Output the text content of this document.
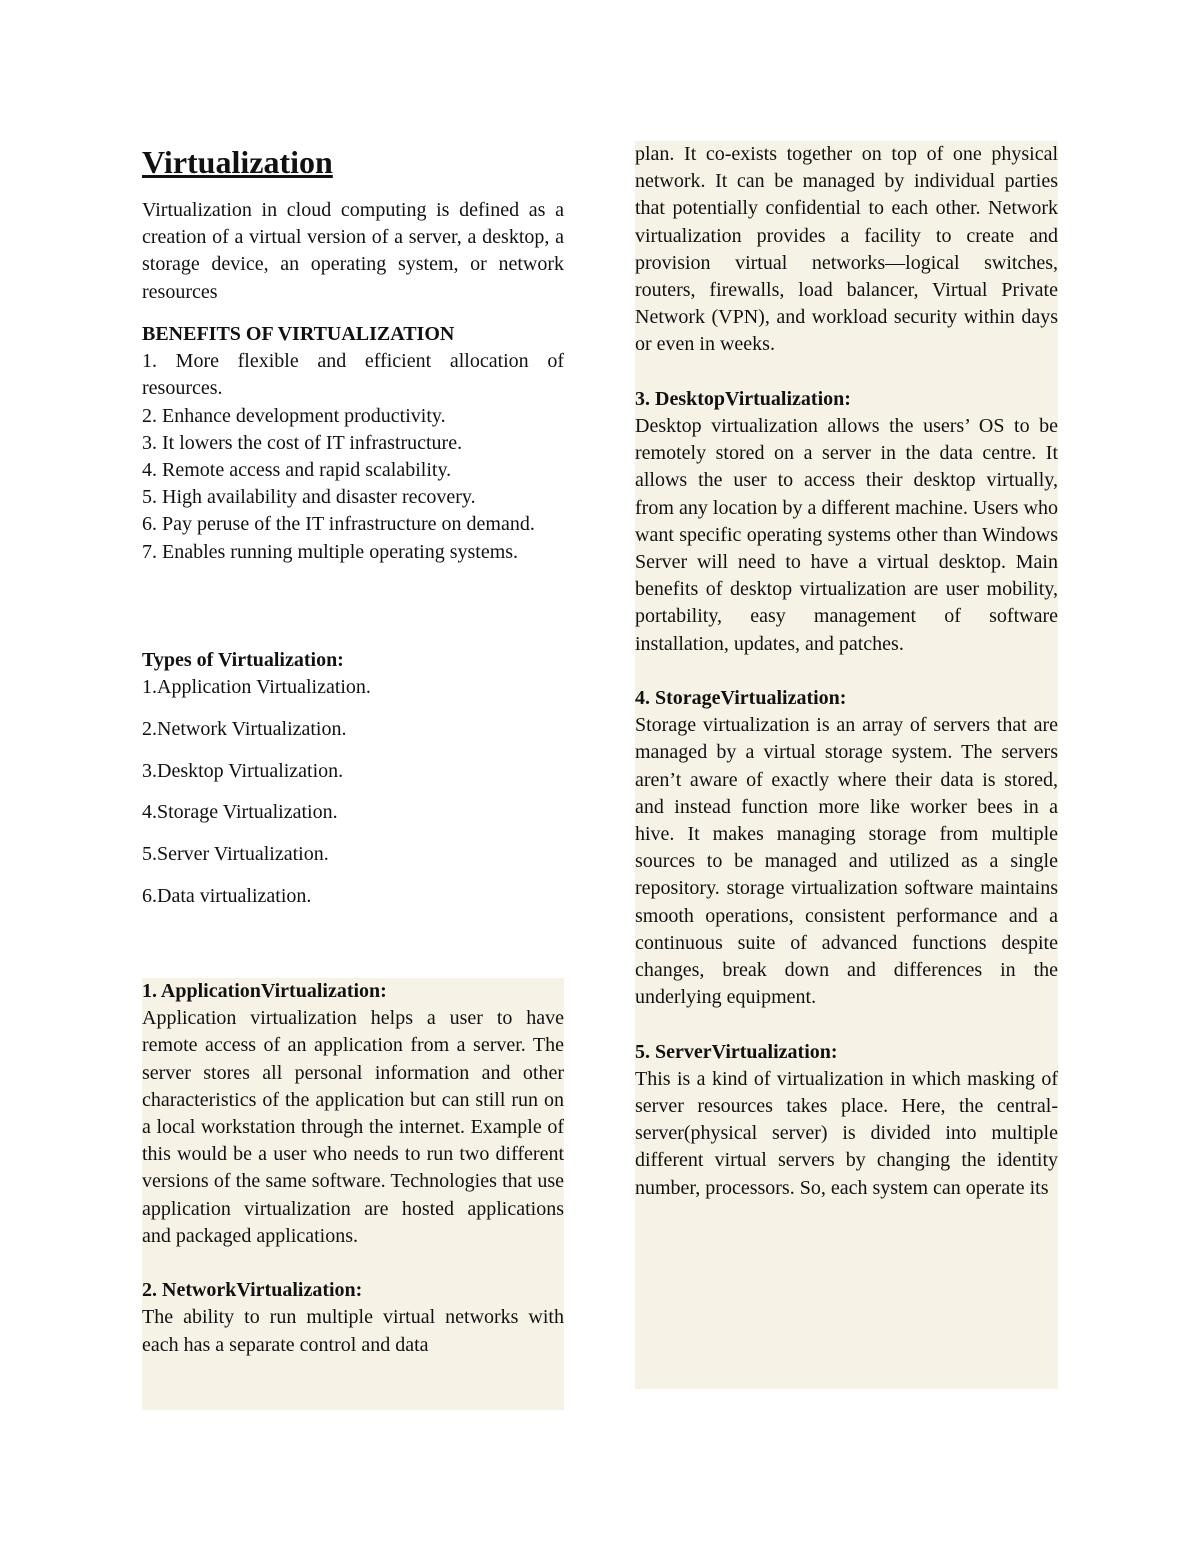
Virtualization

Virtualization in cloud computing is defined as a creation of a virtual version of a server, a desktop, a storage device, an operating system, or network resources

BENEFITS OF VIRTUALIZATION

1. More flexible and efficient allocation of resources.

2. Enhance development productivity.

3. It lowers the cost of IT infrastructure.

4. Remote access and rapid scalability.

5. High availability and disaster recovery.

6. Pay peruse of the IT infrastructure on demand.

7. Enables running multiple operating systems.

Types of Virtualization:

1.Application Virtualization.

2.Network Virtualization.

3.Desktop Virtualization.

4.Storage Virtualization.

5.Server Virtualization.

6.Data virtualization.

1. ApplicationVirtualization:

Application virtualization helps a user to have remote access of an application from a server. The server stores all personal information and other characteristics of the application but can still run on a local workstation through the internet. Example of this would be a user who needs to run two different versions of the same software. Technologies that use application virtualization are hosted applications and packaged applications.

2. NetworkVirtualization:

The ability to run multiple virtual networks with each has a separate control and data

plan. It co-exists together on top of one physical network. It can be managed by individual parties that potentially confidential to each other. Network virtualization provides a facility to create and provision virtual networks—logical switches, routers, firewalls, load balancer, Virtual Private Network (VPN), and workload security within days or even in weeks.

3. DesktopVirtualization:

Desktop virtualization allows the users’ OS to be remotely stored on a server in the data centre. It allows the user to access their desktop virtually, from any location by a different machine. Users who want specific operating systems other than Windows Server will need to have a virtual desktop. Main benefits of desktop virtualization are user mobility, portability, easy management of software installation, updates, and patches.

4. StorageVirtualization:

Storage virtualization is an array of servers that are managed by a virtual storage system. The servers aren’t aware of exactly where their data is stored, and instead function more like worker bees in a hive. It makes managing storage from multiple sources to be managed and utilized as a single repository. storage virtualization software maintains smooth operations, consistent performance and a continuous suite of advanced functions despite changes, break down and differences in the underlying equipment.

5. ServerVirtualization:

This is a kind of virtualization in which masking of server resources takes place. Here, the central-server(physical server) is divided into multiple different virtual servers by changing the identity number, processors. So, each system can operate its
